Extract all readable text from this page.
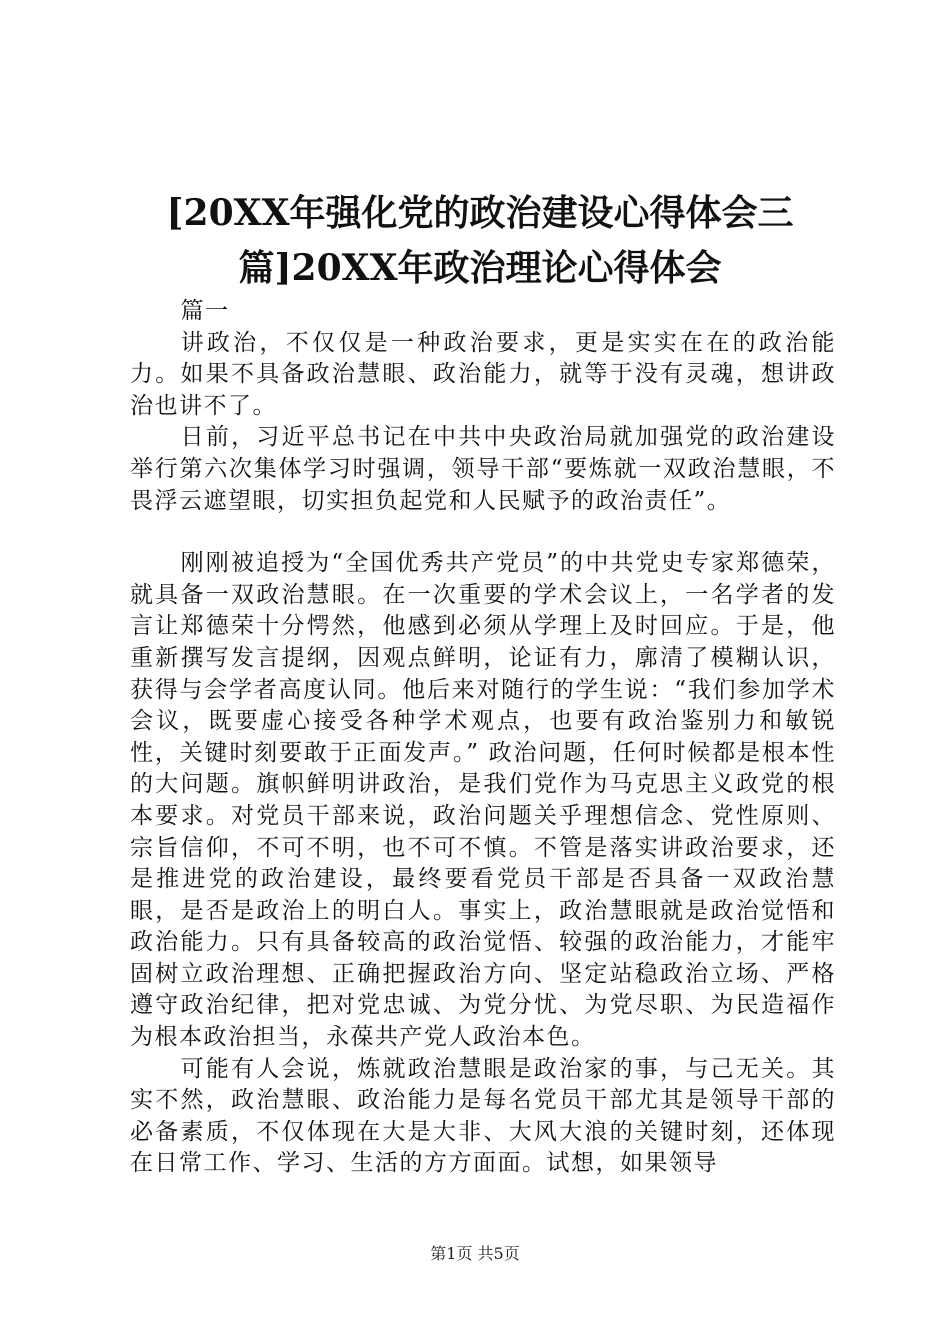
[20XX年强化党的政治建设心得体会三
篇]20XX年政治理论心得体会

篇一

讲政治，不仅仅是一种政治要求，更是实实在在的政治能力。如果不具备政治慧眼、政治能力，就等于没有灵魂，想讲政治也讲不了。

日前，习近平总书记在中共中央政治局就加强党的政治建设举行第六次集体学习时强调，领导干部“要炼就一双政治慧眼，不畏浮云遮望眼，切实担负起党和人民赋予的政治责任”。

刚刚被追授为“全国优秀共产党员”的中共党史专家郑德荣，就具备一双政治慧眼。在一次重要的学术会议上，一名学者的发言让郑德荣十分愕然，他感到必须从学理上及时回应。于是，他重新撰写发言提纲，因观点鲜明，论证有力，廓清了模糊认识，获得与会学者高度认同。他后来对随行的学生说：“我们参加学术会议，既要虚心接受各种学术观点，也要有政治鉴别力和敏锐性，关键时刻要敢于正面发声。” 政治问题，任何时候都是根本性的大问题。旗帜鲜明讲政治，是我们党作为马克思主义政党的根本要求。对党员干部来说，政治问题关乎理想信念、党性原则、宗旨信仰，不可不明，也不可不慎。不管是落实讲政治要求，还是推进党的政治建设，最终要看党员干部是否具备一双政治慧眼，是否是政治上的明白人。事实上，政治慧眼就是政治觉悟和政治能力。只有具备较高的政治觉悟、较强的政治能力，才能牢固树立政治理想、正确把握政治方向、坚定站稳政治立场、严格遵守政治纪律，把对党忠诚、为党分忧、为党尽职、为民造福作为根本政治担当，永葆共产党人政治本色。

可能有人会说，炼就政治慧眼是政治家的事，与己无关。其实不然，政治慧眼、政治能力是每名党员干部尤其是领导干部的必备素质，不仅体现在大是大非、大风大浪的关键时刻，还体现在日常工作、学习、生活的方方面面。试想，如果领导

第1页 共5页
